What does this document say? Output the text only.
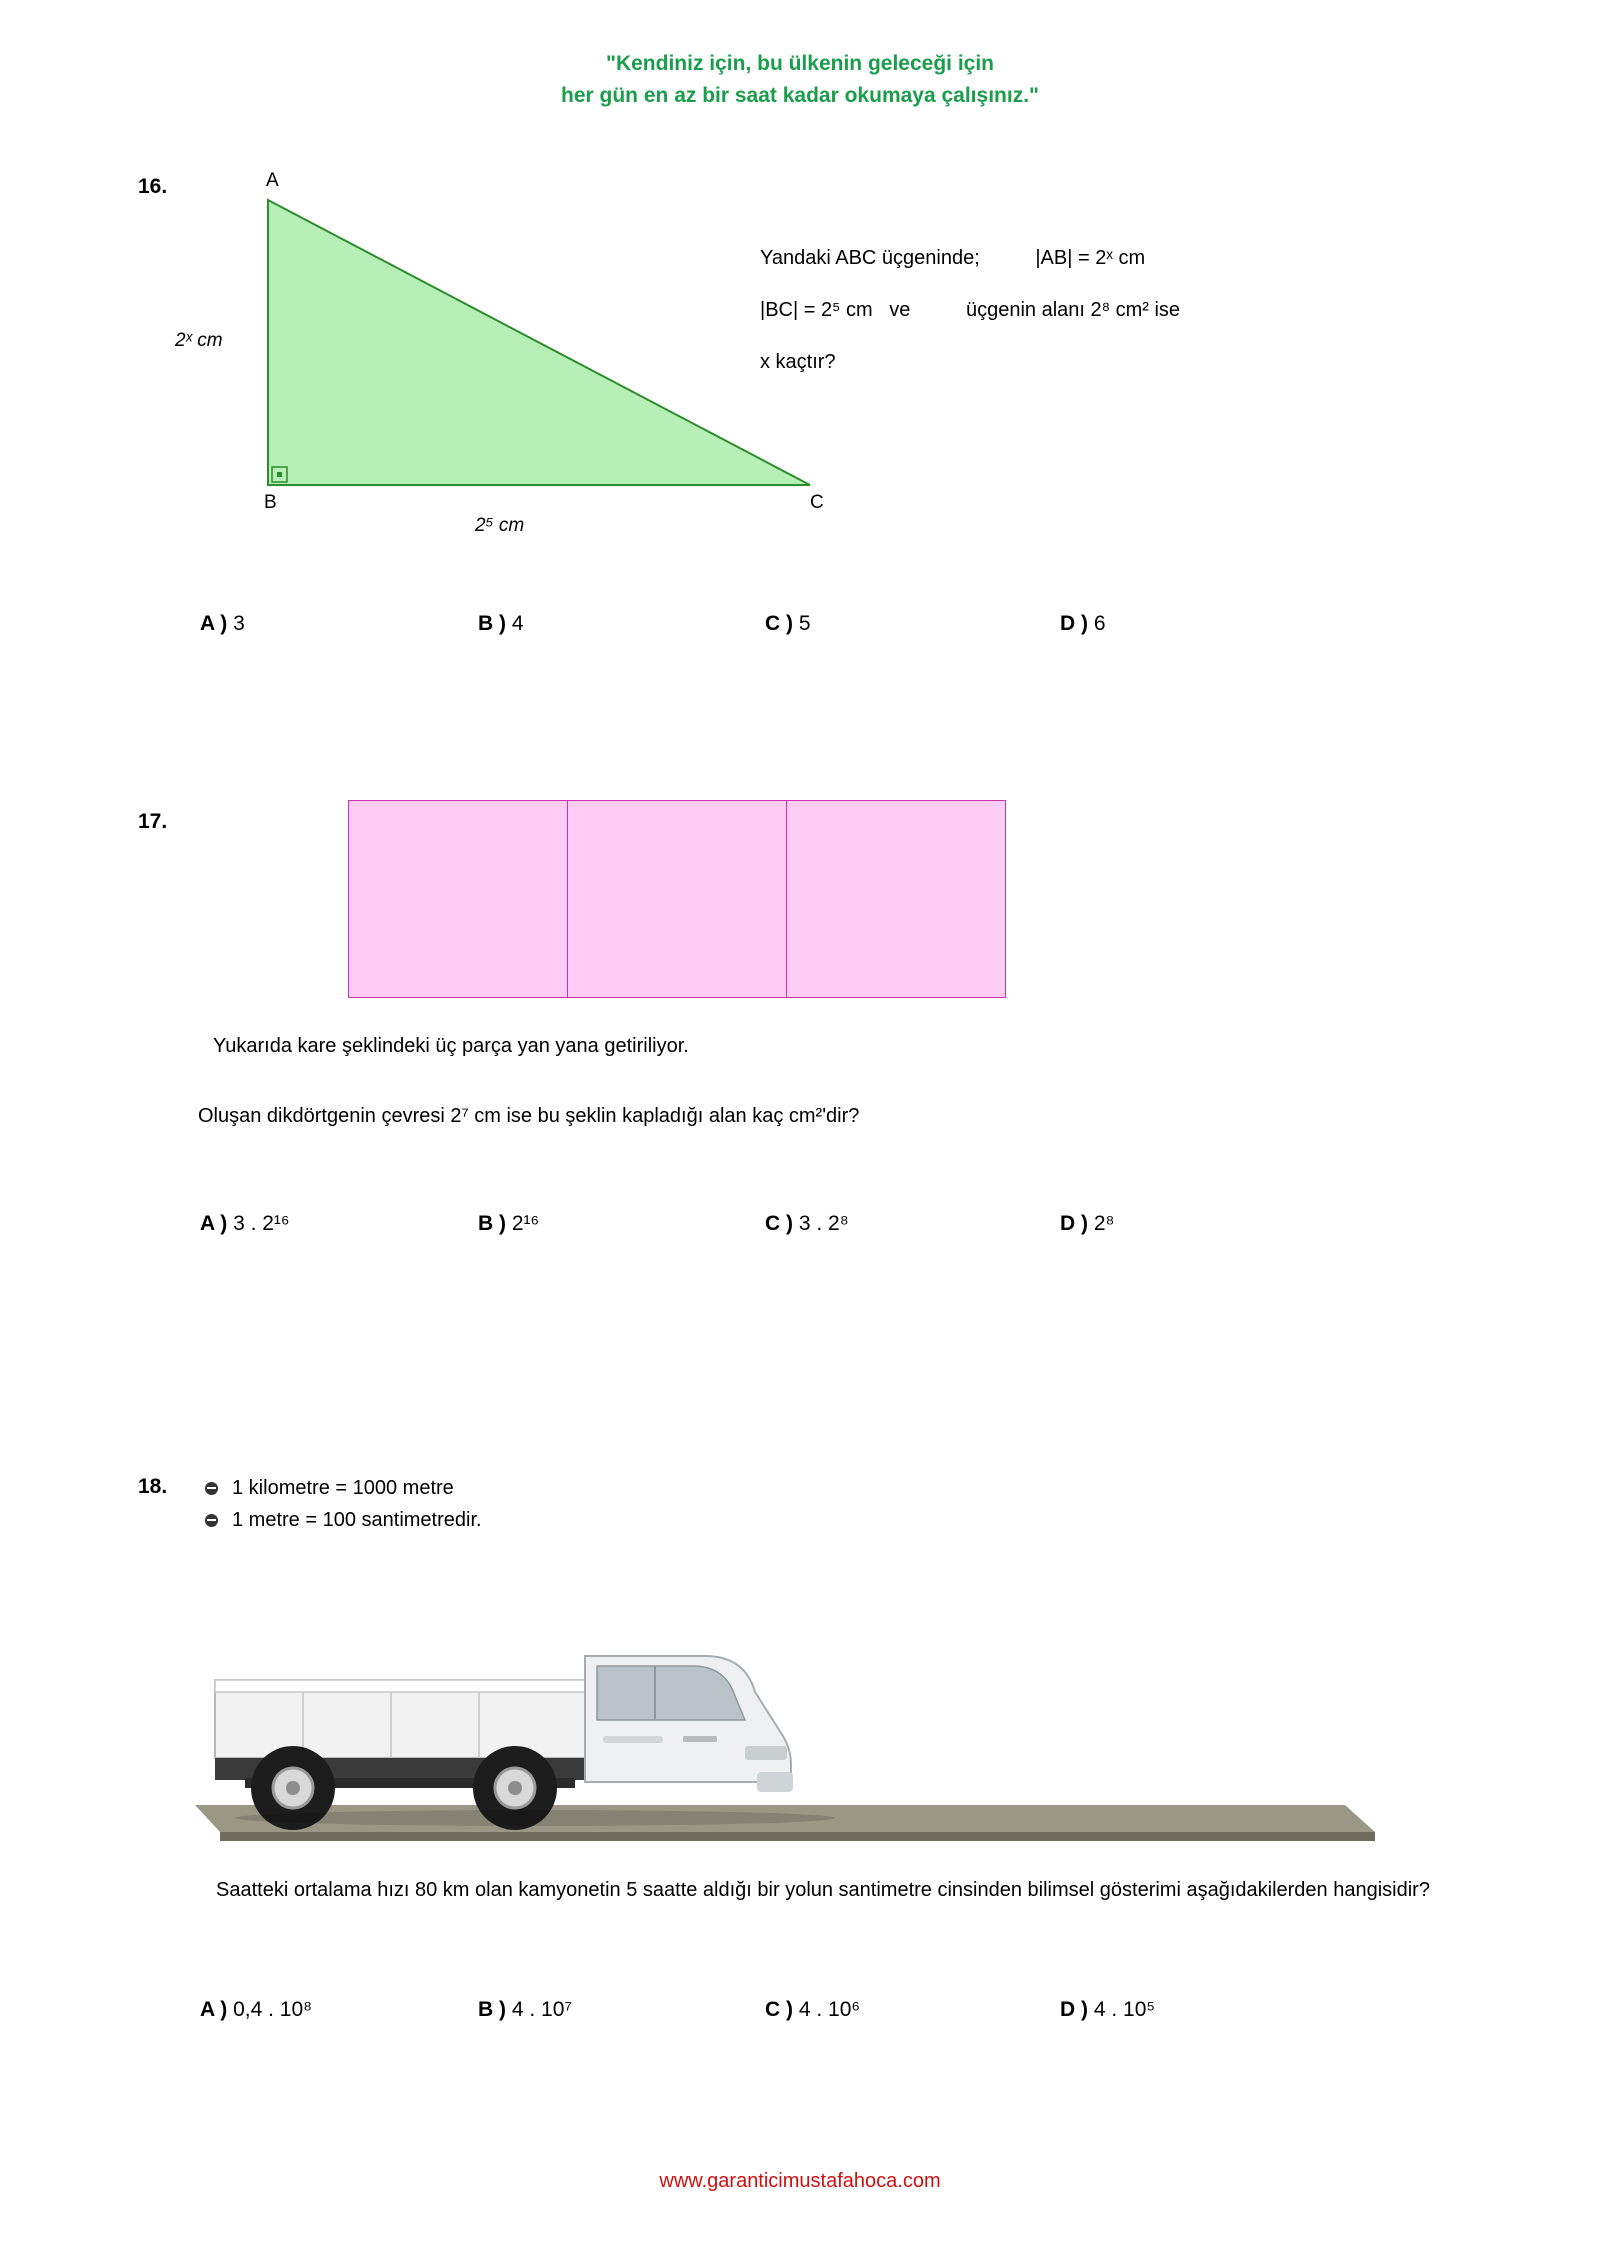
"Kendiniz için, bu ülkenin geleceği için
her gün en az bir saat kadar okumaya çalışınız."
16.	A
B	C
2ˣ cm
2⁵ cm
Yandaki ABC üçgeninde;          |AB| = 2ˣ cm
|BC| = 2⁵ cm   ve          üçgenin alanı 2⁸ cm² ise
x kaçtır?
A ) 3	B ) 4	C ) 5	D ) 6
17.
Yukarıda kare şeklindeki üç parça yan yana getiriliyor.
Oluşan dikdörtgenin çevresi 2⁷ cm ise bu şeklin kapladığı alan kaç cm²'dir?
A ) 3 . 2¹⁶	B ) 2¹⁶	C ) 3 . 2⁸	D ) 2⁸
18.	1 kilometre = 1000 metre
1 metre = 100 santimetredir.
Saatteki ortalama hızı 80 km olan kamyonetin 5 saatte aldığı bir yolun santimetre cinsinden bilimsel gösterimi aşağıdakilerden hangisidir?
A ) 0,4 . 10⁸	B ) 4 . 10⁷	C ) 4 . 10⁶	D ) 4 . 10⁵
www.garanticimustafahoca.com
